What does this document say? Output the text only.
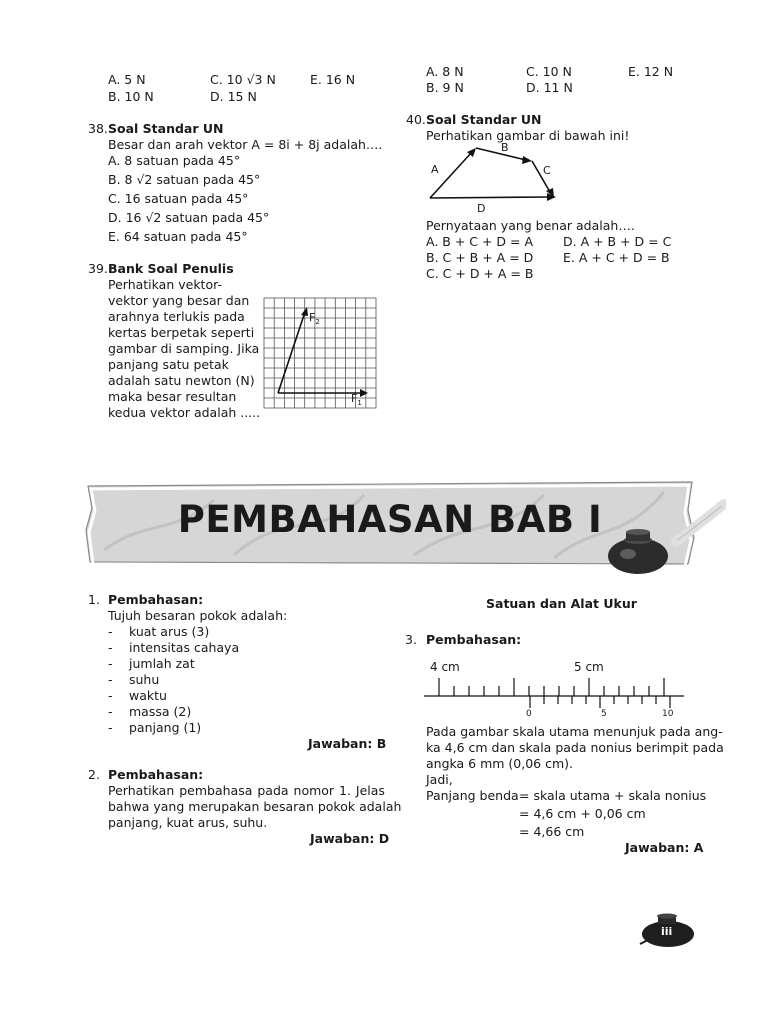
A. 5 N	C. 10 √3 N	E. 16 N
B. 10 N	D. 15 N
38. Soal Standar UN
Besar dan arah vektor A = 8i + 8j adalah….
A. 8 satuan pada 45°
B. 8 √2 satuan pada 45°
C. 16 satuan pada 45°
D. 16 √2 satuan pada 45°
E. 64 satuan pada 45°
39. Bank Soal Penulis
Perhatikan vektor-
vektor yang besar dan
arahnya terlukis pada
kertas berpetak seperti
gambar di samping. Jika
panjang satu petak
adalah satu newton (N)
maka besar resultan
kedua vektor adalah .....
$F_2$
$F_1$
A. 8 N	C. 10 N	E. 12 N
B. 9 N	D. 11 N
40. Soal Standar UN
Perhatikan gambar di bawah ini!
A
B
C
D
Pernyataan yang benar adalah….
A. B + C + D = A D. A + B + D = C
B. C + B + A = D E. A + C + D = B
C. C + D + A = B
PEMBAHASAN BAB I
1. Pembahasan:
Tujuh besaran pokok adalah:
- kuat arus (3)
- intensitas cahaya
- jumlah zat
- suhu
- waktu
- massa (2)
- panjang (1)
Jawaban: B
2. Pembahasan:
Perhatikan pembahasa pada nomor 1. Jelas
bahwa yang merupakan besaran pokok adalah
panjang, kuat arus, suhu.
Jawaban: D
Satuan dan Alat Ukur
3. Pembahasan:
4 cm	5 cm
0	5	10
Pada gambar skala utama menunjuk pada ang-
ka 4,6 cm dan skala pada nonius berimpit pada
angka 6 mm (0,06 cm).
Jadi,
Panjang benda = skala utama + skala nonius
= 4,6 cm + 0,06 cm
= 4,66 cm
Jawaban: A
iii
